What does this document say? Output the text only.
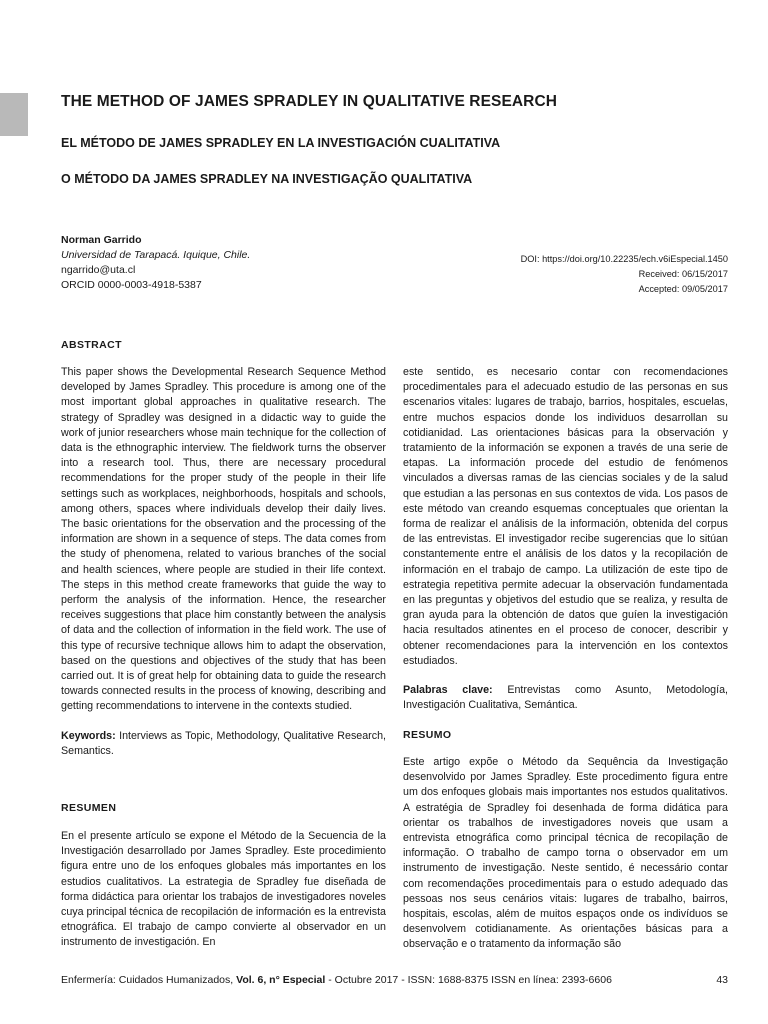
THE METHOD OF JAMES SPRADLEY IN QUALITATIVE RESEARCH
EL MÉTODO DE JAMES SPRADLEY EN LA INVESTIGACIÓN CUALITATIVA
O MÉTODO DA JAMES SPRADLEY NA INVESTIGAÇÃO QUALITATIVA
Norman Garrido
Universidad de Tarapacá. Iquique, Chile.
ngarrido@uta.cl
ORCID 0000-0003-4918-5387
DOI: https://doi.org/10.22235/ech.v6iEspecial.1450
Received: 06/15/2017
Accepted: 09/05/2017
ABSTRACT

This paper shows the Developmental Research Sequence Method developed by James Spradley. This procedure is among one of the most important global approaches in qualitative research. The strategy of Spradley was designed in a didactic way to guide the work of junior researchers whose main technique for the collection of data is the ethnographic interview. The fieldwork turns the observer into a research tool. Thus, there are necessary procedural recommendations for the proper study of the people in their life settings such as workplaces, neighborhoods, hospitals and schools, among others, spaces where individuals develop their daily lives. The basic orientations for the observation and the processing of the information are shown in a sequence of steps. The data comes from the study of phenomena, related to various branches of the social and health sciences, where people are studied in their life context. The steps in this method create frameworks that guide the way to perform the analysis of the information. Hence, the researcher receives suggestions that place him constantly between the analysis of data and the collection of information in the field work. The use of this type of recursive technique allows him to adapt the observation, based on the questions and objectives of the study that has been carried out. It is of great help for obtaining data to guide the research towards connected results in the process of knowing, describing and getting recommendations to intervene in the contexts studied.

Keywords: Interviews as Topic, Methodology, Qualitative Research, Semantics.

RESUMEN

En el presente artículo se expone el Método de la Secuencia de la Investigación desarrollado por James Spradley. Este procedimiento figura entre uno de los enfoques globales más importantes en los estudios cualitativos. La estrategia de Spradley fue diseñada de forma didáctica para orientar los trabajos de investigadores noveles cuya principal técnica de recopilación de información es la entrevista etnográfica. El trabajo de campo convierte al observador en un instrumento de investigación. En

este sentido, es necesario contar con recomendaciones procedimentales para el adecuado estudio de las personas en sus escenarios vitales: lugares de trabajo, barrios, hospitales, escuelas, entre muchos espacios donde los individuos desarrollan su cotidianidad. Las orientaciones básicas para la observación y tratamiento de la información se exponen a través de una serie de etapas. La información procede del estudio de fenómenos vinculados a diversas ramas de las ciencias sociales y de la salud que estudian a las personas en sus contextos de vida. Los pasos de este método van creando esquemas conceptuales que orientan la forma de realizar el análisis de la información, obtenida del corpus de las entrevistas. El investigador recibe sugerencias que lo sitúan constantemente entre el análisis de los datos y la recopilación de información en el trabajo de campo. La utilización de este tipo de estrategia repetitiva permite adecuar la observación fundamentada en las preguntas y objetivos del estudio que se realiza, y resulta de gran ayuda para la obtención de datos que guíen la investigación hacia resultados atinentes en el proceso de conocer, describir y obtener recomendaciones para la intervención en los contextos estudiados.

Palabras clave: Entrevistas como Asunto, Metodología, Investigación Cualitativa, Semántica.

RESUMO

Este artigo expõe o Método da Sequência da Investigação desenvolvido por James Spradley. Este procedimento figura entre um dos enfoques globais mais importantes nos estudos qualitativos. A estratégia de Spradley foi desenhada de forma didática para orientar os trabalhos de investigadores noveis que usam a entrevista etnográfica como principal técnica de recopilação de informação. O trabalho de campo torna o observador em um instrumento de investigação. Neste sentido, é necessário contar com recomendações procedimentais para o estudo adequado das pessoas nos seus cenários vitais: lugares de trabalho, bairros, hospitais, escolas, além de muitos espaços onde os indivíduos se desenvolvem cotidianamente. As orientações básicas para a observação e o tratamento da informação são

Enfermería: Cuidados Humanizados, Vol. 6, n° Especial - Octubre 2017 - ISSN: 1688-8375 ISSN en línea: 2393-6606	43
